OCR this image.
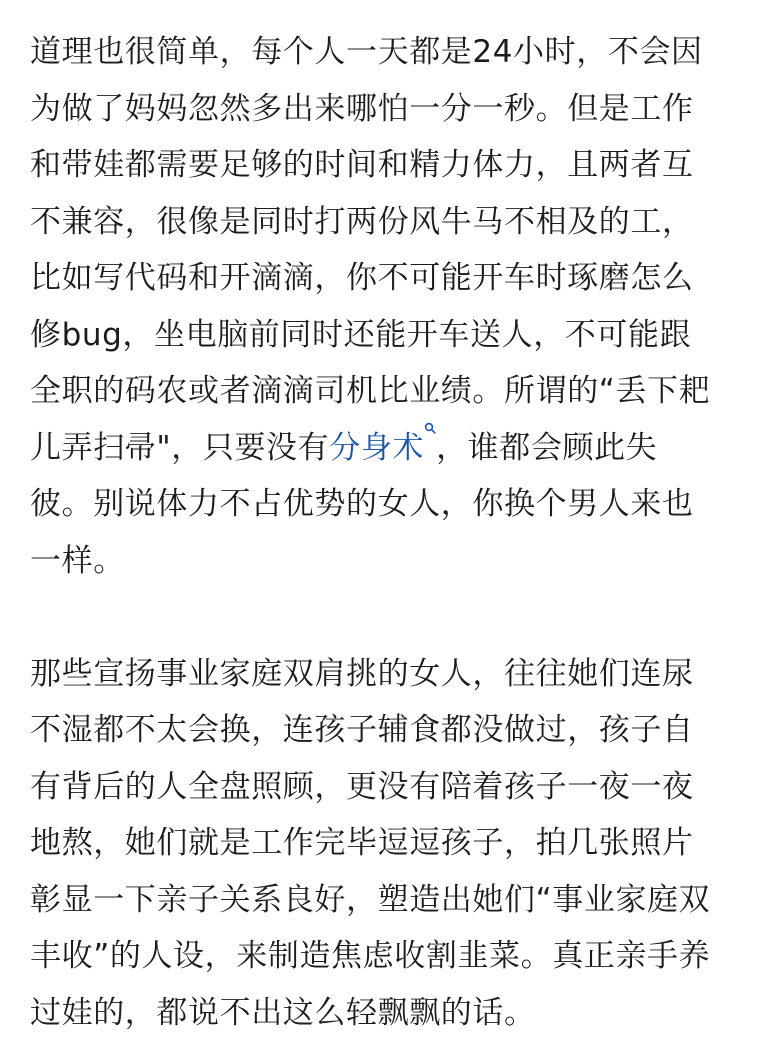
道理也很简单，每个人一天都是24小时，不会因
为做了妈妈忽然多出来哪怕一分一秒。但是工作
和带娃都需要足够的时间和精力体力，且两者互
不兼容，很像是同时打两份风牛马不相及的工，
比如写代码和开滴滴，你不可能开车时琢磨怎么
修bug，坐电脑前同时还能开车送人，不可能跟
全职的码农或者滴滴司机比业绩。所谓的“丢下耙
儿弄扫帚"，只要没有分身术 ，谁都会顾此失
彼。别说体力不占优势的女人，你换个男人来也
一样。
那些宣扬事业家庭双肩挑的女人，往往她们连尿
不湿都不太会换，连孩子辅食都没做过，孩子自
有背后的人全盘照顾，更没有陪着孩子一夜一夜
地熬，她们就是工作完毕逗逗孩子，拍几张照片
彰显一下亲子关系良好，塑造出她们“事业家庭双
丰收”的人设，来制造焦虑收割韭菜。真正亲手养
过娃的，都说不出这么轻飘飘的话。
